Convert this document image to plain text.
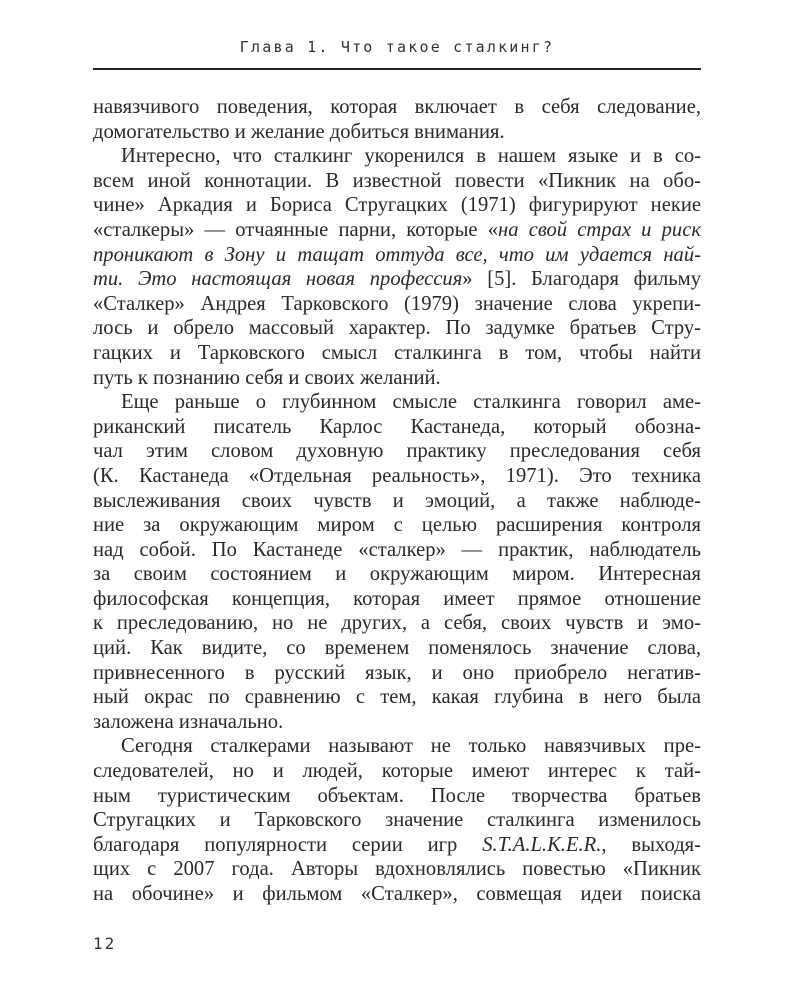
Глава 1. Что такое сталкинг?
навязчивого поведения, которая включает в себя следование,
домогательство и желание добиться внимания.
Интересно, что сталкинг укоренился в нашем языке и в со-
всем иной коннотации. В известной повести «Пикник на обо-
чине» Аркадия и Бориса Стругацких (1971) фигурируют некие
«сталкеры» — отчаянные парни, которые «на свой страх и риск
проникают в Зону и тащат оттуда все, что им удается най-
ти. Это настоящая новая профессия» [5]. Благодаря фильму
«Сталкер» Андрея Тарковского (1979) значение слова укрепи-
лось и обрело массовый характер. По задумке братьев Стру-
гацких и Тарковского смысл сталкинга в том, чтобы найти
путь к познанию себя и своих желаний.
Еще раньше о глубинном смысле сталкинга говорил аме-
риканский писатель Карлос Кастанеда, который обозна-
чал этим словом духовную практику преследования себя
(К. Кастанеда «Отдельная реальность», 1971). Это техника
выслеживания своих чувств и эмоций, а также наблюде-
ние за окружающим миром с целью расширения контроля
над собой. По Кастанеде «сталкер» — практик, наблюдатель
за своим состоянием и окружающим миром. Интересная
философская концепция, которая имеет прямое отношение
к преследованию, но не других, а себя, своих чувств и эмо-
ций. Как видите, со временем поменялось значение слова,
привнесенного в русский язык, и оно приобрело негатив-
ный окрас по сравнению с тем, какая глубина в него была
заложена изначально.
Сегодня сталкерами называют не только навязчивых пре-
следователей, но и людей, которые имеют интерес к тай-
ным туристическим объектам. После творчества братьев
Стругацких и Тарковского значение сталкинга изменилось
благодаря популярности серии игр S.T.A.L.K.E.R., выходя-
щих с 2007 года. Авторы вдохновлялись повестью «Пикник
на обочине» и фильмом «Сталкер», совмещая идеи поиска
12
